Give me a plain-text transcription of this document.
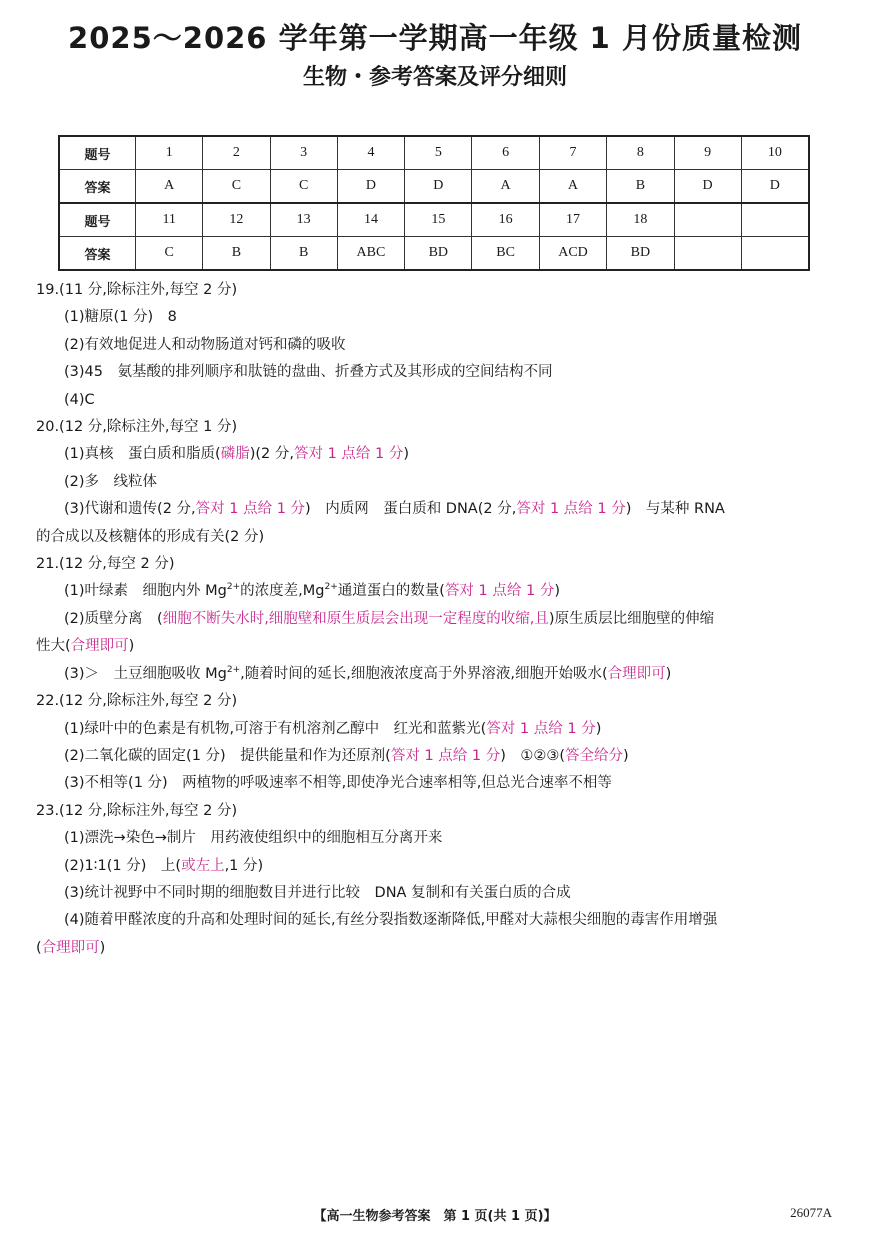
2025～2026 学年第一学期高一年级 1 月份质量检测
生物・参考答案及评分细则
题号	1	2	3	4	5	6	7	8	9	10
答案	A	C	C	D	D	A	A	B	D	D
题号	11	12	13	14	15	16	17	18		
答案	C	B	B	ABC	BD	BC	ACD	BD		
19.(11 分,除标注外,每空 2 分)
(1)糖原(1 分)　8
(2)有效地促进人和动物肠道对钙和磷的吸收
(3)45　氨基酸的排列顺序和肽链的盘曲、折叠方式及其形成的空间结构不同
(4)C
20.(12 分,除标注外,每空 1 分)
(1)真核　蛋白质和脂质(磷脂)(2 分,答对 1 点给 1 分)
(2)多　线粒体
(3)代谢和遗传(2 分,答对 1 点给 1 分)　内质网　蛋白质和 DNA(2 分,答对 1 点给 1 分)　与某种 RNA
的合成以及核糖体的形成有关(2 分)
21.(12 分,每空 2 分)
(1)叶绿素　细胞内外 $Mg^{2+}$的浓度差$,Mg^{2+}$通道蛋白的数量(答对 1 点给 1 分)
(2)质壁分离　(细胞不断失水时,细胞壁和原生质层会出现一定程度的收缩,且)原生质层比细胞壁的伸缩
性大(合理即可)
(3)＞　土豆细胞吸收 $Mg^{2+}$,随着时间的延长,细胞液浓度高于外界溶液,细胞开始吸水(合理即可)
22.(12 分,除标注外,每空 2 分)
(1)绿叶中的色素是有机物,可溶于有机溶剂乙醇中　红光和蓝紫光(答对 1 点给 1 分)
(2)二氧化碳的固定(1 分)　提供能量和作为还原剂(答对 1 点给 1 分)　①②③(答全给分)
(3)不相等(1 分)　两植物的呼吸速率不相等,即使净光合速率相等,但总光合速率不相等
23.(12 分,除标注外,每空 2 分)
(1)漂洗→染色→制片　用药液使组织中的细胞相互分离开来
(2)1∶1(1 分)　上(或左上,1 分)
(3)统计视野中不同时期的细胞数目并进行比较　DNA 复制和有关蛋白质的合成
(4)随着甲醛浓度的升高和处理时间的延长,有丝分裂指数逐渐降低,甲醛对大蒜根尖细胞的毒害作用增强
(合理即可)
【高一生物参考答案　第 1 页(共 1 页)】	26077A
